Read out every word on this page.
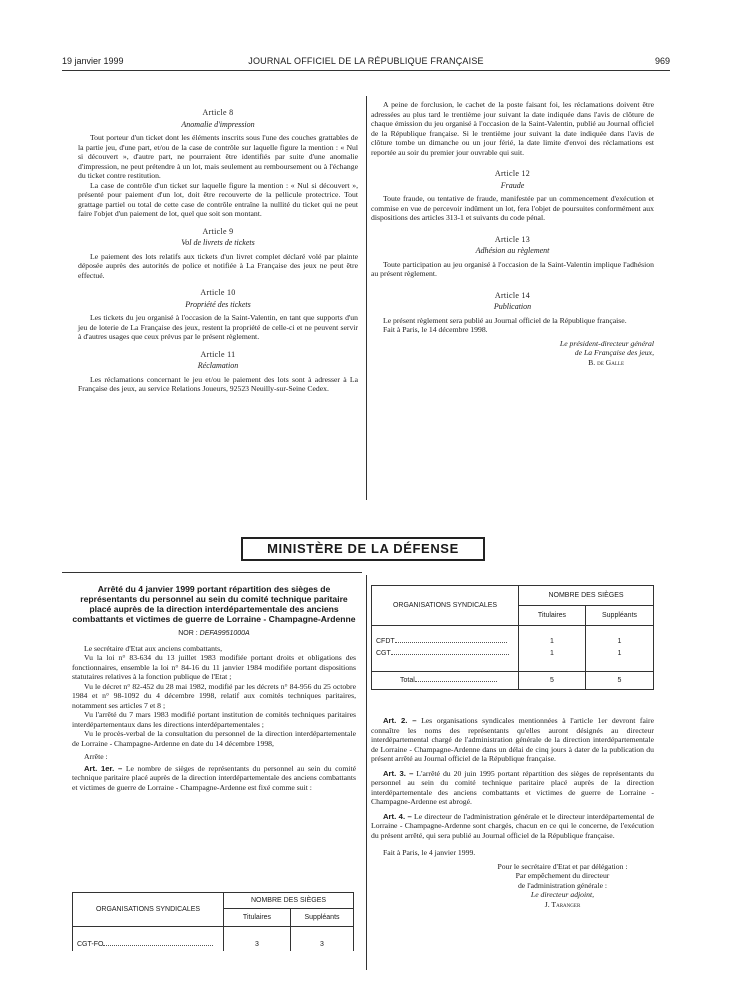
19 janvier 1999	JOURNAL OFFICIEL DE LA RÉPUBLIQUE FRANÇAISE	969
Article 8
Anomalie d'impression

Tout porteur d'un ticket dont les éléments inscrits sous l'une des couches grattables de la partie jeu, d'une part, et/ou de la case de contrôle sur laquelle figure la mention : « Nul si découvert », d'autre part, ne pourraient être identifiés par suite d'une anomalie d'impression, ne peut prétendre à un lot, mais seulement au remboursement ou à l'échange du ticket contre restitution.

La case de contrôle d'un ticket sur laquelle figure la mention : « Nul si découvert », présenté pour paiement d'un lot, doit être recouverte de la pellicule protectrice. Tout grattage partiel ou total de cette case de contrôle entraîne la nullité du ticket qui ne peut faire l'objet d'un paiement de lot, quel que soit son montant.

Article 9
Vol de livrets de tickets

Le paiement des lots relatifs aux tickets d'un livret complet déclaré volé par plainte déposée auprès des autorités de police et notifiée à La Française des jeux ne peut être effectué.

Article 10
Propriété des tickets

Les tickets du jeu organisé à l'occasion de la Saint-Valentin, en tant que supports d'un jeu de loterie de La Française des jeux, restent la propriété de celle-ci et ne peuvent servir à d'autres usages que ceux prévus par le présent règlement.

Article 11
Réclamation

Les réclamations concernant le jeu et/ou le paiement des lots sont à adresser à La Française des jeux, au service Relations Joueurs, 92523 Neuilly-sur-Seine Cedex.

A peine de forclusion, le cachet de la poste faisant foi, les réclamations doivent être adressées au plus tard le trentième jour suivant la date indiquée dans l'avis de clôture de chaque émission du jeu organisé à l'occasion de la Saint-Valentin, publié au Journal officiel de la République française. Si le trentième jour suivant la date indiquée dans l'avis de clôture tombe un dimanche ou un jour férié, la date limite d'envoi des réclamations est reportée au soir du premier jour ouvrable qui suit.

Article 12
Fraude

Toute fraude, ou tentative de fraude, manifestée par un commencement d'exécution et commise en vue de percevoir indûment un lot, fera l'objet de poursuites conformément aux dispositions des articles 313-1 et suivants du code pénal.

Article 13
Adhésion au règlement

Toute participation au jeu organisé à l'occasion de la Saint-Valentin implique l'adhésion au présent règlement.

Article 14
Publication

Le présent règlement sera publié au Journal officiel de la République française.

Fait à Paris, le 14 décembre 1998.

Le président-directeur général
de La Française des jeux,
B. de Galle
MINISTÈRE DE LA DÉFENSE
Arrêté du 4 janvier 1999 portant répartition des sièges de représentants du personnel au sein du comité technique paritaire placé auprès de la direction interdépartementale des anciens combattants et victimes de guerre de Lorraine - Champagne-Ardenne
NOR : DEFA9951000A

Le secrétaire d'Etat aux anciens combattants,

Vu la loi n° 83-634 du 13 juillet 1983 modifiée portant droits et obligations des fonctionnaires, ensemble la loi n° 84-16 du 11 janvier 1984 modifiée portant dispositions statutaires relatives à la fonction publique de l'Etat ;

Vu le décret n° 82-452 du 28 mai 1982, modifié par les décrets n° 84-956 du 25 octobre 1984 et n° 98-1092 du 4 décembre 1998, relatif aux comités techniques paritaires, notamment ses articles 7 et 8 ;

Vu l'arrêté du 7 mars 1983 modifié portant institution de comités techniques paritaires interdépartementaux dans les directions interdépartementales ;

Vu le procès-verbal de la consultation du personnel de la direction interdépartementale de Lorraine - Champagne-Ardenne en date du 14 décembre 1998,

Arrête :

Art. 1er. – Le nombre de sièges de représentants du personnel au sein du comité technique paritaire placé auprès de la direction interdépartementale des anciens combattants et victimes de guerre de Lorraine - Champagne-Ardenne est fixé comme suit :

ORGANISATIONS SYNDICALES	NOMBRE DES SIÈGES	
	Titulaires	Suppléants

CGT-FO	3	3
ORGANISATIONS SYNDICALES	NOMBRE DES SIÈGES	
	Titulaires	Suppléants

CFDT	1	1
CGT	1	1

Total	5	5

Art. 2. – Les organisations syndicales mentionnées à l'article 1er devront faire connaître les noms des représentants qu'elles auront désignés au directeur interdépartemental chargé de l'administration générale de la direction interdépartementale de Lorraine - Champagne-Ardenne dans un délai de cinq jours à dater de la publication du présent arrêté au Journal officiel de la République française.

Art. 3. – L'arrêté du 20 juin 1995 portant répartition des sièges de représentants du personnel au sein du comité technique paritaire placé auprès de la direction interdépartementale des anciens combattants et victimes de guerre de Lorraine - Champagne-Ardenne est abrogé.

Art. 4. – Le directeur de l'administration générale et le directeur interdépartemental de Lorraine - Champagne-Ardenne sont chargés, chacun en ce qui le concerne, de l'exécution du présent arrêté, qui sera publié au Journal officiel de la République française.

Fait à Paris, le 4 janvier 1999.

Pour le secrétaire d'Etat et par délégation :
Par empêchement du directeur
de l'administration générale :
Le directeur adjoint,
J. Taranger
